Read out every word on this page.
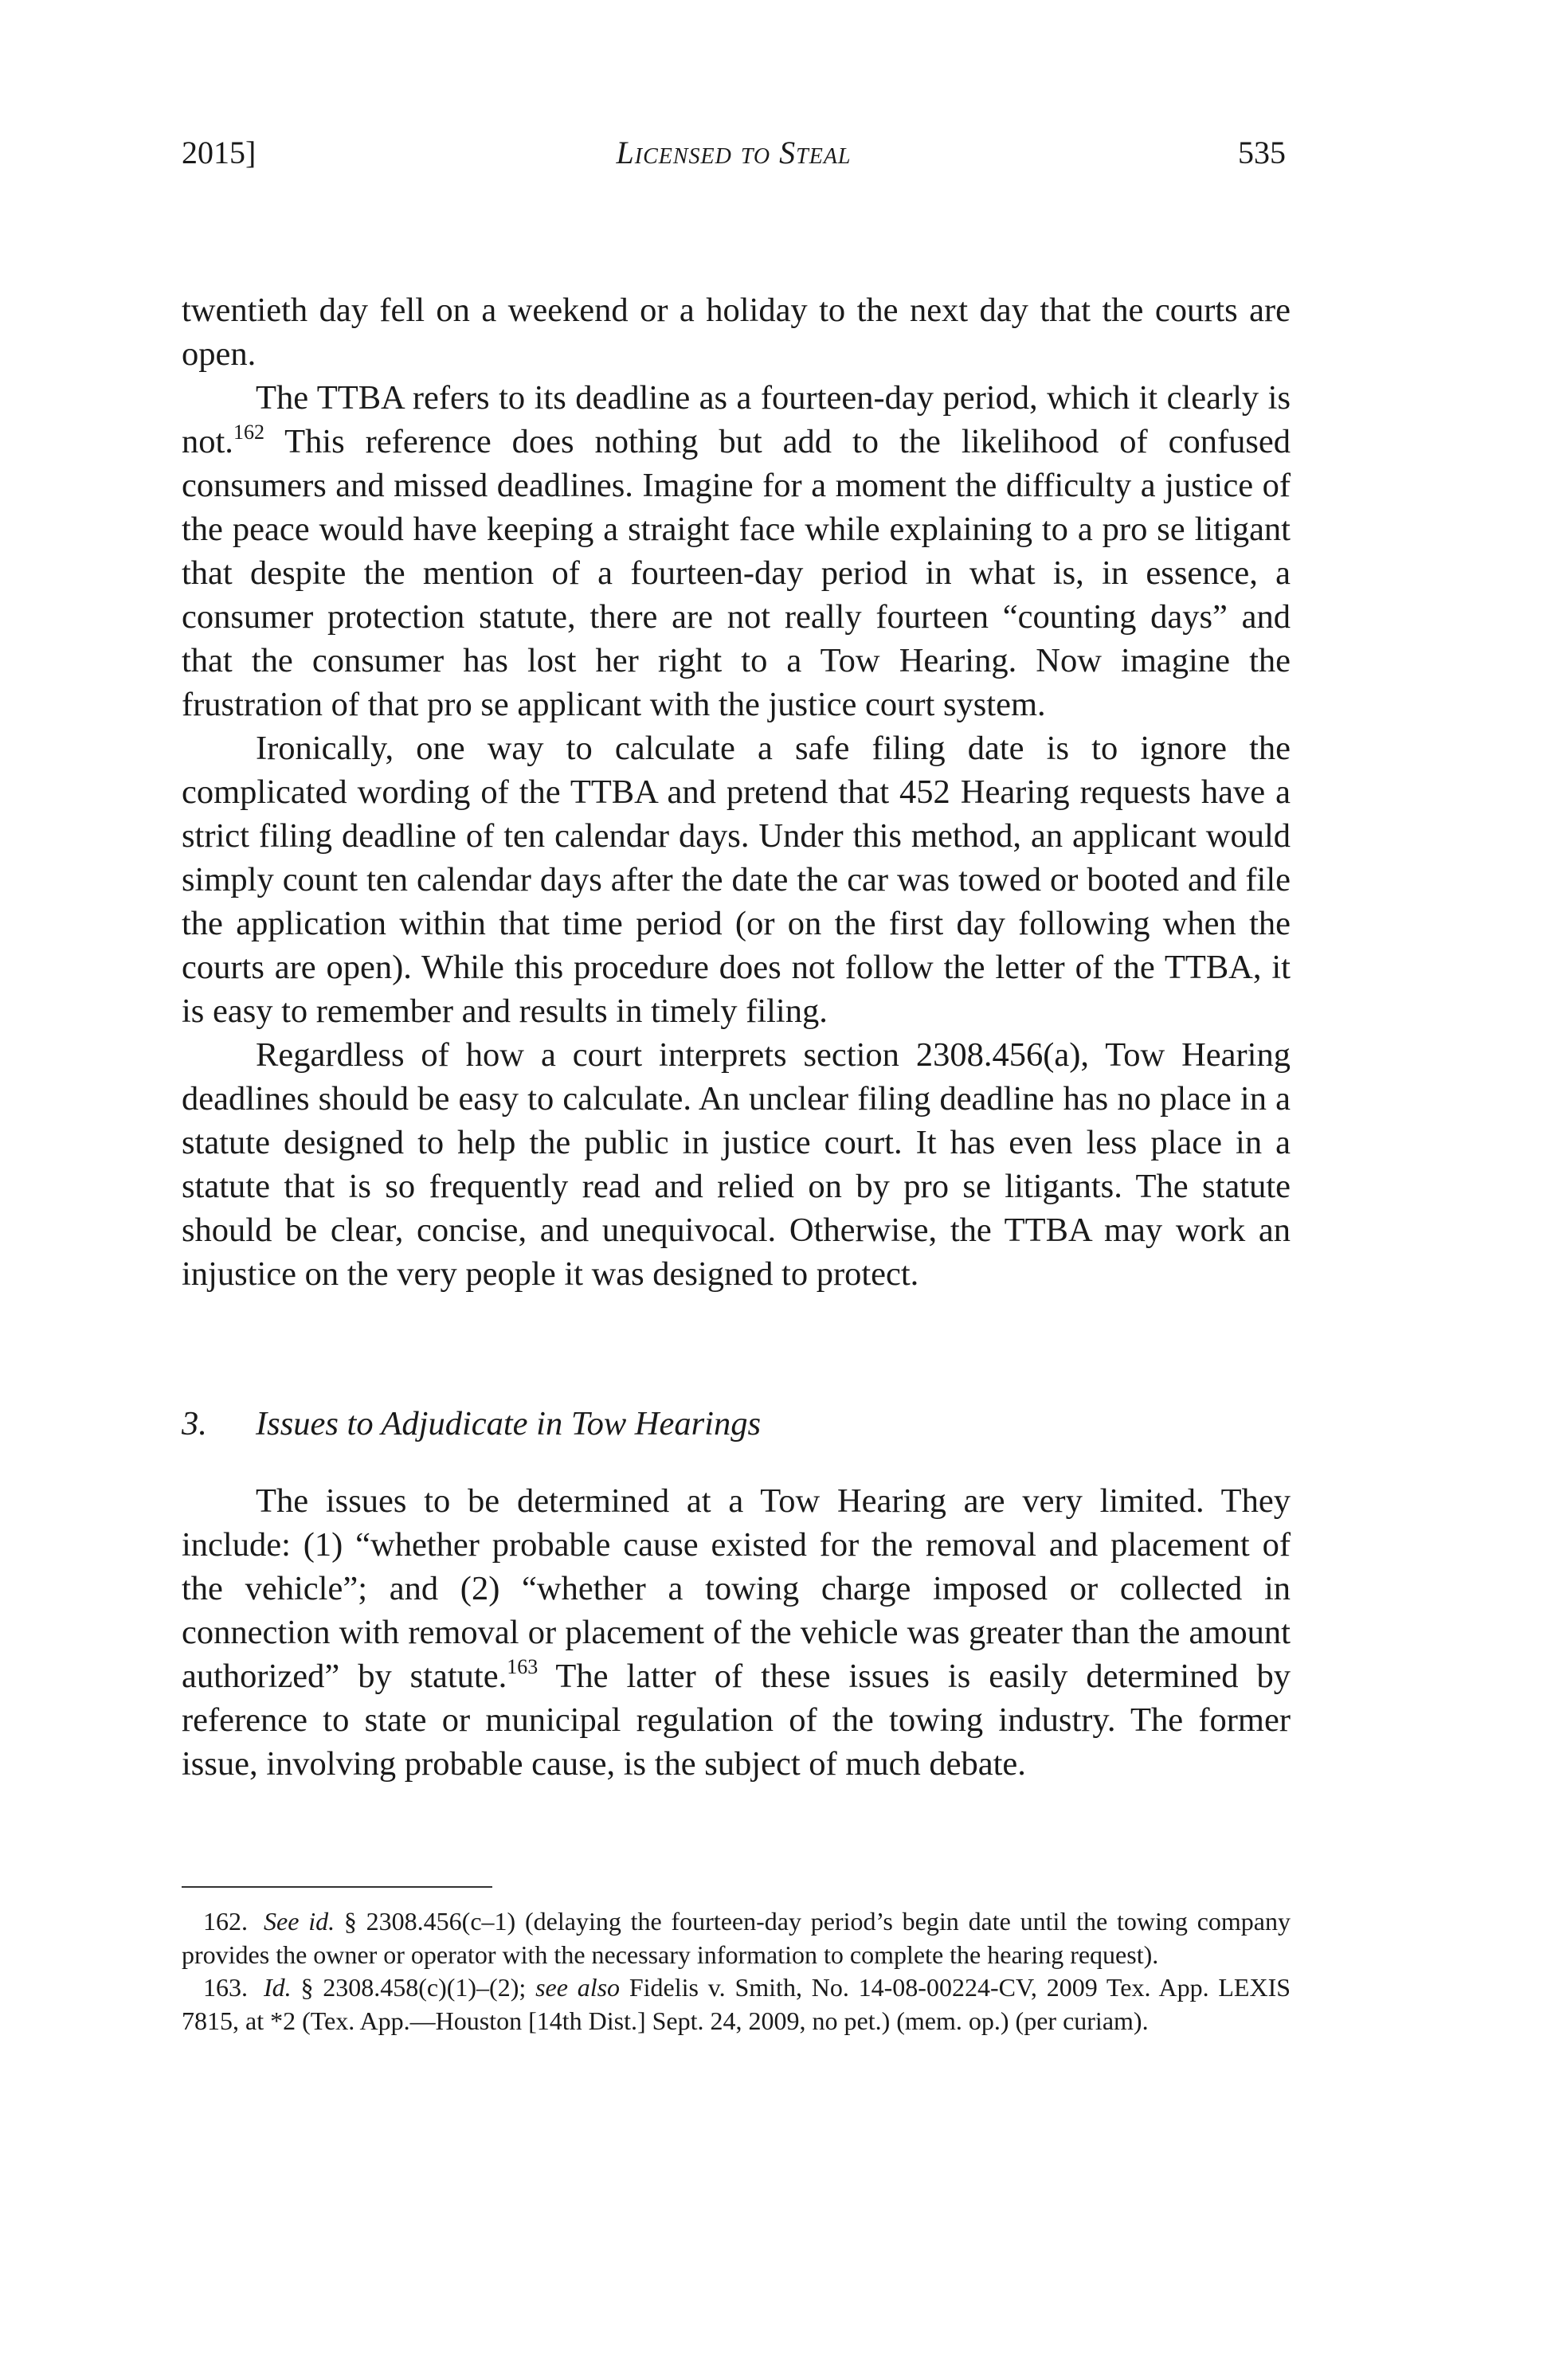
2015]	Licensed to Steal	535

twentieth day fell on a weekend or a holiday to the next day that the courts are open.

The TTBA refers to its deadline as a fourteen-day period, which it clearly is not.$^{162}$ This reference does nothing but add to the likelihood of confused consumers and missed deadlines. Imagine for a moment the difficulty a justice of the peace would have keeping a straight face while explaining to a pro se litigant that despite the mention of a fourteen-day period in what is, in essence, a consumer protection statute, there are not really fourteen “counting days” and that the consumer has lost her right to a Tow Hearing. Now imagine the frustration of that pro se applicant with the justice court system.

Ironically, one way to calculate a safe filing date is to ignore the complicated wording of the TTBA and pretend that 452 Hearing requests have a strict filing deadline of ten calendar days. Under this method, an applicant would simply count ten calendar days after the date the car was towed or booted and file the application within that time period (or on the first day following when the courts are open). While this procedure does not follow the letter of the TTBA, it is easy to remember and results in timely filing.

Regardless of how a court interprets section 2308.456(a), Tow Hearing deadlines should be easy to calculate. An unclear filing deadline has no place in a statute designed to help the public in justice court. It has even less place in a statute that is so frequently read and relied on by pro se litigants. The statute should be clear, concise, and unequivocal. Otherwise, the TTBA may work an injustice on the very people it was designed to protect.

3. Issues to Adjudicate in Tow Hearings

The issues to be determined at a Tow Hearing are very limited. They include: (1) “whether probable cause existed for the removal and placement of the vehicle”; and (2) “whether a towing charge imposed or collected in connection with removal or placement of the vehicle was greater than the amount authorized” by statute.$^{163}$ The latter of these issues is easily determined by reference to state or municipal regulation of the towing industry. The former issue, involving probable cause, is the subject of much debate.

162. See id. § 2308.456(c–1) (delaying the fourteen-day period’s begin date until the towing company provides the owner or operator with the necessary information to complete the hearing request).

163. Id. § 2308.458(c)(1)–(2); see also Fidelis v. Smith, No. 14-08-00224-CV, 2009 Tex. App. LEXIS 7815, at *2 (Tex. App.—Houston [14th Dist.] Sept. 24, 2009, no pet.) (mem. op.) (per curiam).
